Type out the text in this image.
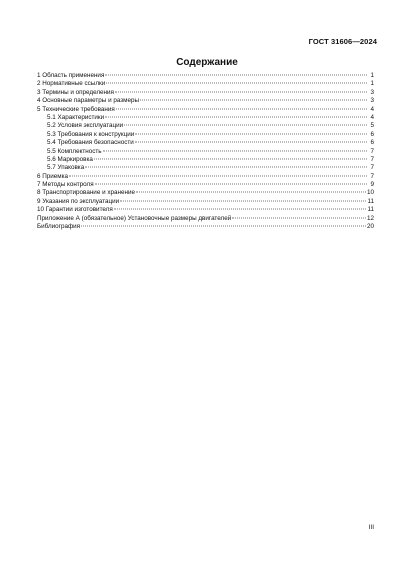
ГОСТ 31606—2024
Содержание
1 Область применения	1
2 Нормативные ссылки	1
3 Термины и определения	3
4 Основные параметры и размеры	3
5 Технические требования	4
5.1 Характеристики	4
5.2 Условия эксплуатации	5
5.3 Требования к конструкции	6
5.4 Требования безопасности	6
5.5 Комплектность	7
5.6 Маркировка	7
5.7 Упаковка	7
6 Приемка	7
7 Методы контроля	9
8 Транспортирование и хранение	10
9 Указания по эксплуатации	11
10 Гарантии изготовителя	11
Приложение А (обязательное) Установочные размеры двигателей	12
Библиография	20
III
